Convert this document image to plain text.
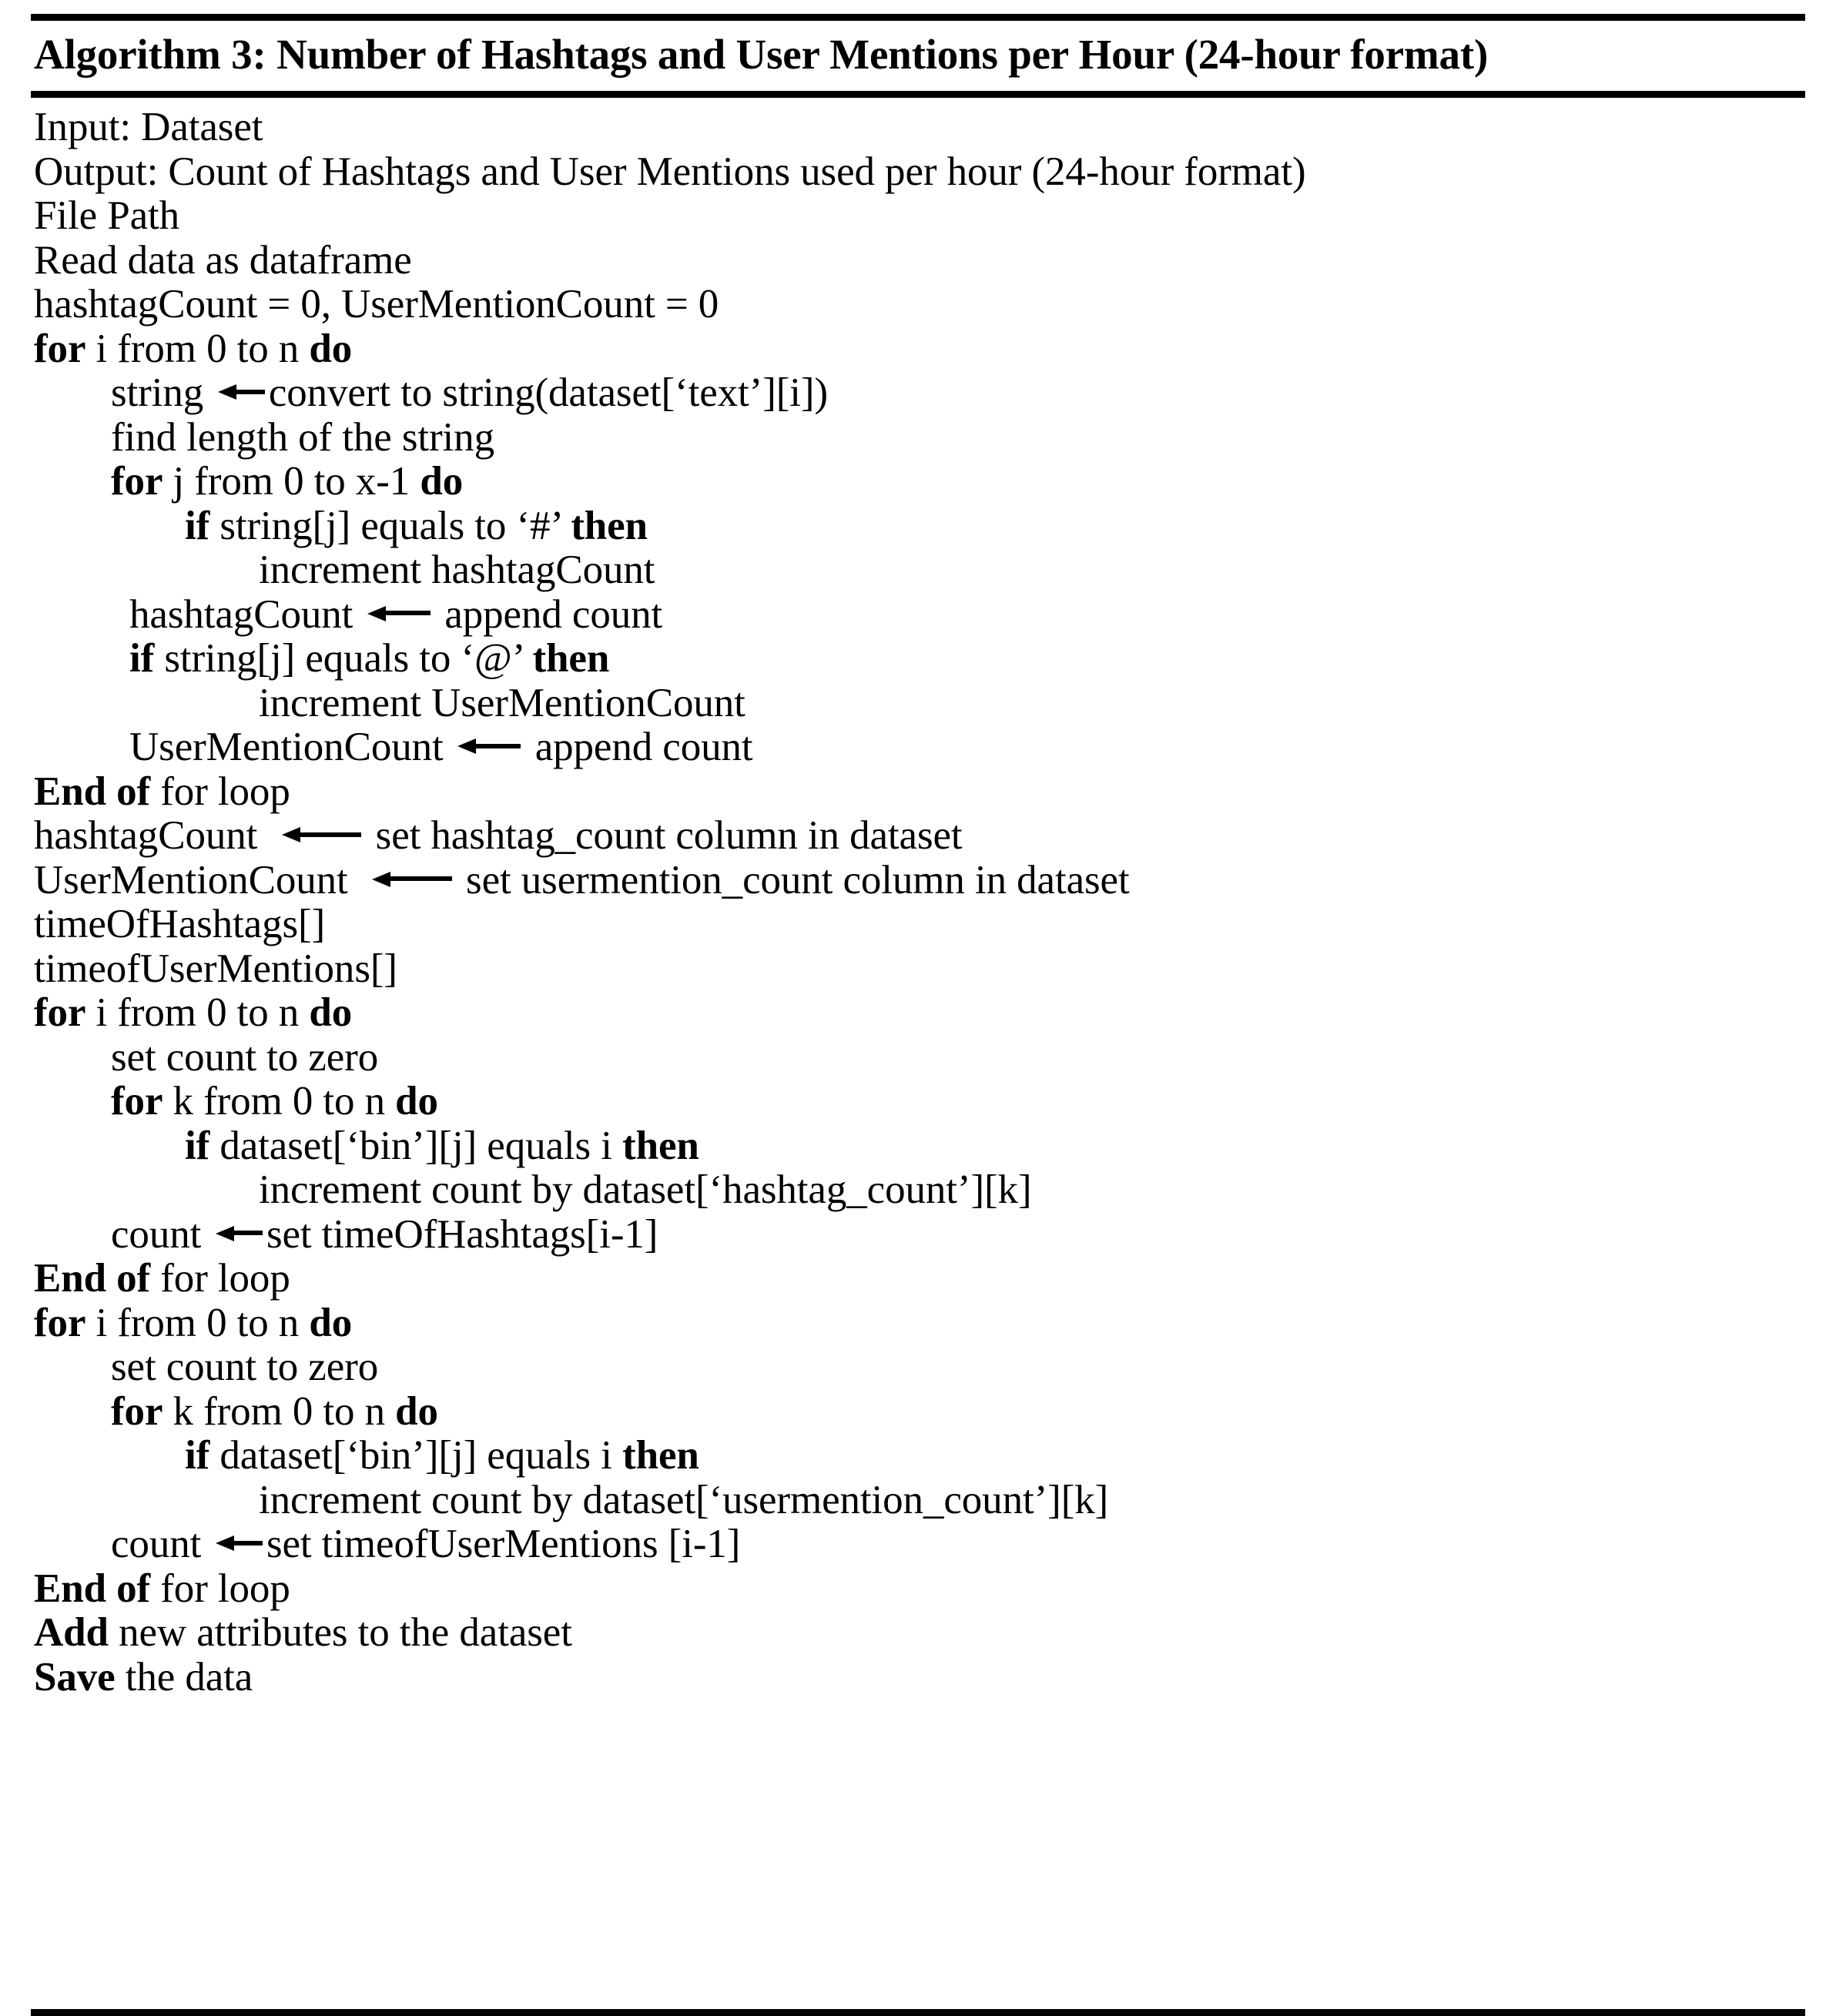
Algorithm 3: Number of Hashtags and User Mentions per Hour (24-hour format)
Input: Dataset
Output: Count of Hashtags and User Mentions used per hour (24-hour format)
File Path
Read data as dataframe
hashtagCount = 0, UserMentionCount = 0
for i from 0 to n do
string
convert to string(dataset[‘text’][i])
find length of the string
for j from 0 to x-1 do
if string[j] equals to ‘#’ then
increment hashtagCount
hashtagCount
append count
if string[j] equals to ‘@’ then
increment UserMentionCount
UserMentionCount
append count
End of for loop
hashtagCount
set hashtag_count column in dataset
UserMentionCount
set usermention_count column in dataset
timeOfHashtags[]
timeofUserMentions[]
for i from 0 to n do
set count to zero
for k from 0 to n do
if dataset[‘bin’][j] equals i then
increment count by dataset[‘hashtag_count’][k]
count
set timeOfHashtags[i-1]
End of for loop
for i from 0 to n do
set count to zero
for k from 0 to n do
if dataset[‘bin’][j] equals i then
increment count by dataset[‘usermention_count’][k]
count
set timeofUserMentions [i-1]
End of for loop
Add new attributes to the dataset
Save the data
